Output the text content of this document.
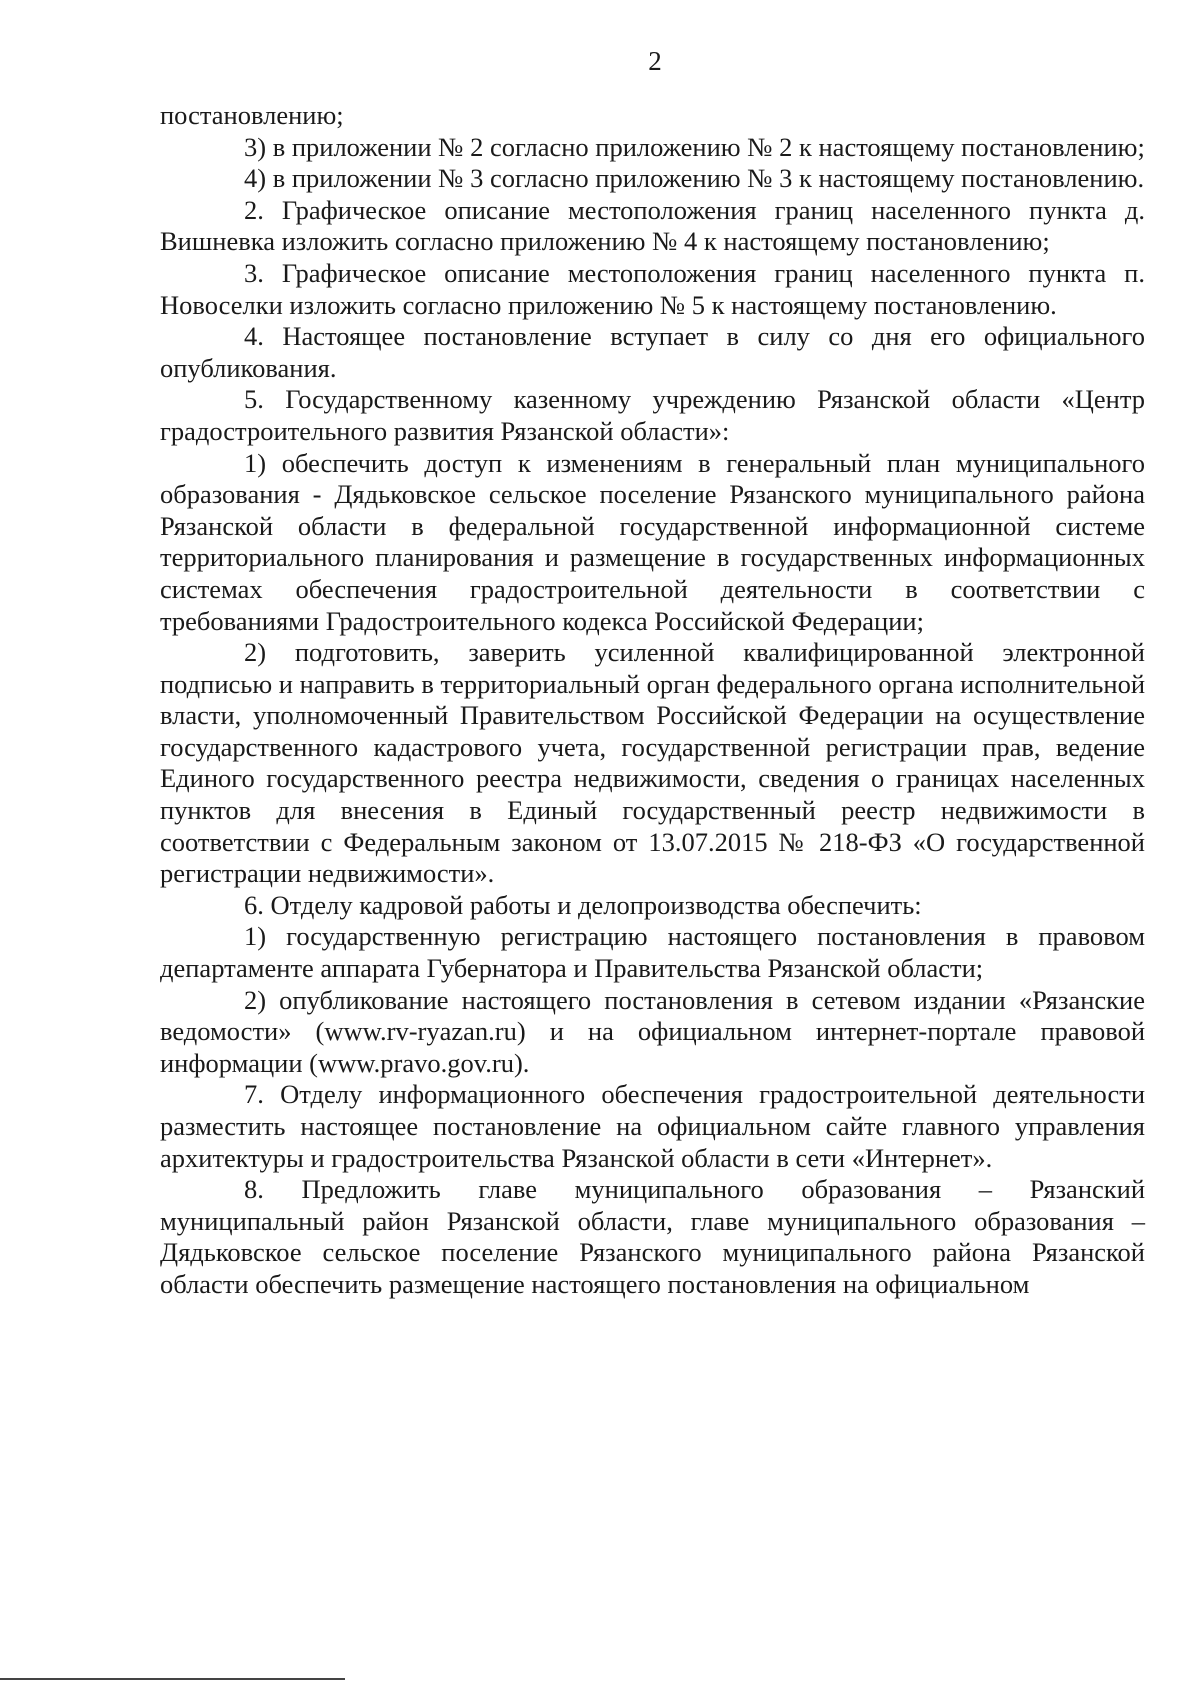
2

постановлению;

3) в приложении № 2 согласно приложению № 2 к настоящему постановлению;

4) в приложении № 3 согласно приложению № 3 к настоящему постановлению.

2. Графическое описание местоположения границ населенного пункта д. Вишневка изложить согласно приложению № 4 к настоящему постановлению;

3. Графическое описание местоположения границ населенного пункта п. Новоселки изложить согласно приложению № 5 к настоящему постановлению.

4. Настоящее постановление вступает в силу со дня его официального опубликования.

5. Государственному казенному учреждению Рязанской области «Центр градостроительного развития Рязанской области»:

1) обеспечить доступ к изменениям в генеральный план муниципального образования - Дядьковское сельское поселение Рязанского муниципального района Рязанской области в федеральной государственной информационной системе территориального планирования и размещение в государственных информационных системах обеспечения градостроительной деятельности в соответствии с требованиями Градостроительного кодекса Российской Федерации;

2) подготовить, заверить усиленной квалифицированной электронной подписью и направить в территориальный орган федерального органа исполнительной власти, уполномоченный Правительством Российской Федерации на осуществление государственного кадастрового учета, государственной регистрации прав, ведение Единого государственного реестра недвижимости, сведения о границах населенных пунктов для внесения в Единый государственный реестр недвижимости в соответствии с Федеральным законом от 13.07.2015 № 218-ФЗ «О государственной регистрации недвижимости».

6. Отделу кадровой работы и делопроизводства обеспечить:

1) государственную регистрацию настоящего постановления в правовом департаменте аппарата Губернатора и Правительства Рязанской области;

2) опубликование настоящего постановления в сетевом издании «Рязанские ведомости» (www.rv-ryazan.ru) и на официальном интернет-портале правовой информации (www.pravo.gov.ru).

7. Отделу информационного обеспечения градостроительной деятельности разместить настоящее постановление на официальном сайте главного управления архитектуры и градостроительства Рязанской области в сети «Интернет».

8. Предложить главе муниципального образования – Рязанский муниципальный район Рязанской области, главе муниципального образования – Дядьковское сельское поселение Рязанского муниципального района Рязанской области обеспечить размещение настоящего постановления на официальном
